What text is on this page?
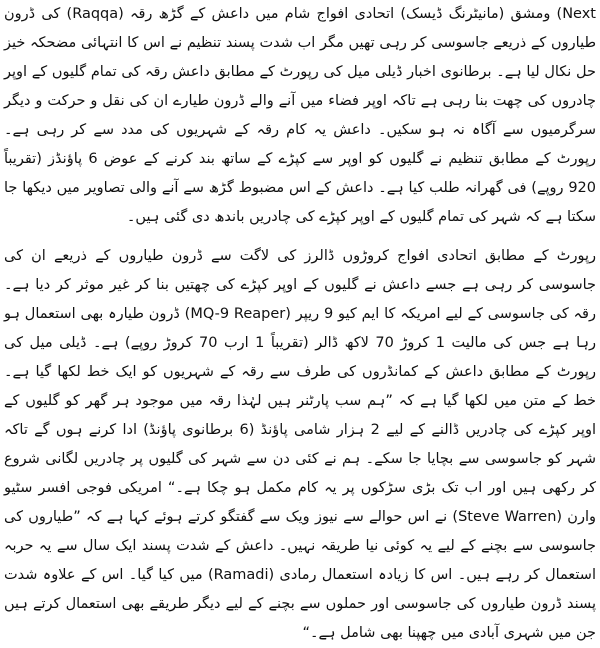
Next) ومشق (مانیٹرنگ ڈیسک) اتحادی افواج شام میں داعش کے گڑھ رقہ (Raqqa) کی ڈرون طیاروں کے ذریعے جاسوسی کر رہی تھیں مگر اب شدت پسند تنظیم نے اس کا انتہائی مضحکہ خیز حل نکال لیا ہے۔ برطانوی اخبار ڈیلی میل کی رپورٹ کے مطابق داعش رقہ کی تمام گلیوں کے اوپر چادروں کی چھت بنا رہی ہے تاکہ اوپر فضاء میں آنے والے ڈرون طیارے ان کی نقل و حرکت و دیگر سرگرمیوں سے آگاہ نہ ہو سکیں۔ داعش یہ کام رقہ کے شہریوں کی مدد سے کر رہی ہے۔ رپورٹ کے مطابق تنظیم نے گلیوں کو اوپر سے کپڑے کے ساتھ بند کرنے کے عوض 6 پاؤنڈز (تقریباً 920 روپے) فی گھرانہ طلب کیا ہے۔ داعش کے اس مضبوط گڑھ سے آنے والی تصاویر میں دیکھا جا سکتا ہے کہ شہر کی تمام گلیوں کے اوپر کپڑے کی چادریں باندھ دی گئی ہیں۔

رپورٹ کے مطابق اتحادی افواج کروڑوں ڈالرز کی لاگت سے ڈرون طیاروں کے ذریعے ان کی جاسوسی کر رہی ہے جسے داعش نے گلیوں کے اوپر کپڑے کی چھتیں بنا کر غیر موثر کر دیا ہے۔ رقہ کی جاسوسی کے لیے امریکہ کا ایم کیو 9 ریپر (MQ-9 Reaper) ڈرون طیارہ بھی استعمال ہو رہا ہے جس کی مالیت 1 کروڑ 70 لاکھ ڈالر (تقریباً 1 ارب 70 کروڑ روپے) ہے۔ ڈیلی میل کی رپورٹ کے مطابق داعش کے کمانڈروں کی طرف سے رقہ کے شہریوں کو ایک خط لکھا گیا ہے۔ خط کے متن میں لکھا گیا ہے کہ ”ہم سب پارٹنر ہیں لہٰذا رقہ میں موجود ہر گھر کو گلیوں کے اوپر کپڑے کی چادریں ڈالنے کے لیے 2 ہزار شامی پاؤنڈ (6 برطانوی پاؤنڈ) ادا کرنے ہوں گے تاکہ شہر کو جاسوسی سے بچایا جا سکے۔ ہم نے کئی دن سے شہر کی گلیوں پر چادریں لگانی شروع کر رکھی ہیں اور اب تک بڑی سڑکوں پر یہ کام مکمل ہو چکا ہے۔“ امریکی فوجی افسر سٹیو وارن (Steve Warren) نے اس حوالے سے نیوز ویک سے گفتگو کرتے ہوئے کہا ہے کہ ”طیاروں کی جاسوسی سے بچنے کے لیے یہ کوئی نیا طریقہ نہیں۔ داعش کے شدت پسند ایک سال سے یہ حربہ استعمال کر رہے ہیں۔ اس کا زیادہ استعمال رمادی (Ramadi) میں کیا گیا۔ اس کے علاوہ شدت پسند ڈرون طیاروں کی جاسوسی اور حملوں سے بچنے کے لیے دیگر طریقے بھی استعمال کرتے ہیں جن میں شہری آبادی میں چھپنا بھی شامل ہے۔“
